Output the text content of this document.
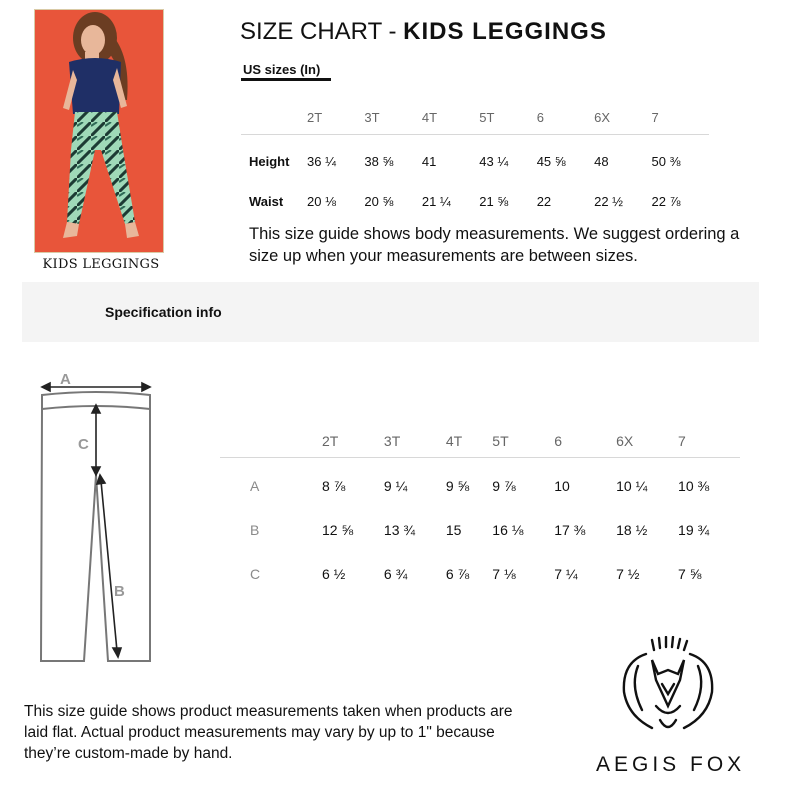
KIDS LEGGINGS
SIZE CHART - KIDS LEGGINGS
US sizes (In)
	2T	3T	4T	5T	6	6X	7
Height	36 ¼	38 ⅝	41	43 ¼	45 ⅝	48	50 ⅜
Waist	20 ⅛	20 ⅝	21 ¼	21 ⅝	22	22 ½	22 ⅞
This size guide shows body measurements. We suggest ordering a size up when your measurements are between sizes.
Specification info
A
C
B
	2T	3T	4T	5T	6	6X	7
A	8 ⅞	9 ¼	9 ⅝	9 ⅞	10	10 ¼	10 ⅜
B	12 ⅝	13 ¾	15	16 ⅛	17 ⅜	18 ½	19 ¾
C	6 ½	6 ¾	6 ⅞	7 ⅛	7 ¼	7 ½	7 ⅝
This size guide shows product measurements taken when products are laid flat. Actual product measurements may vary by up to 1" because they’re custom-made by hand.	AEGIS FOX
